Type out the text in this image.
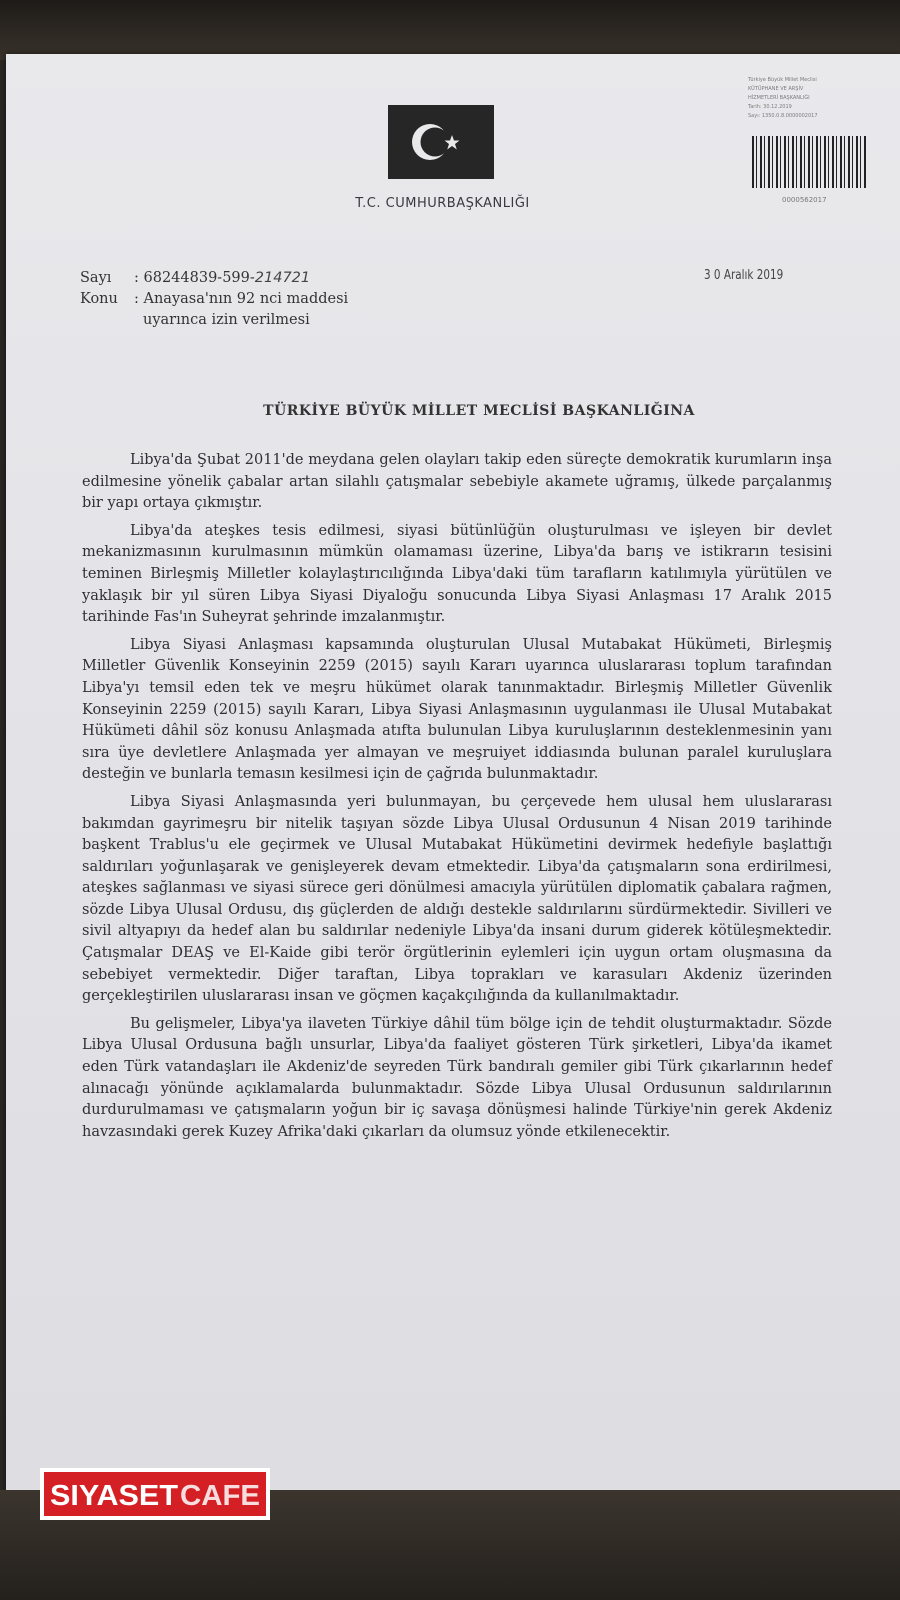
T.C. CUMHURBAŞKANLIĞI
Türkiye Büyük Millet Meclisi
KÜTÜPHANE VE ARŞİV
HİZMETLERİ BAŞKANLIĞI
Tarih: 30.12.2019
Sayı: 1350.0.8.0000002017
0000562017
Sayı	: 68244839-599- 214721
Konu	: Anayasa'nın 92 nci maddesi
uyarınca izin verilmesi
3 0 Aralık 2019
TÜRKİYE BÜYÜK MİLLET MECLİSİ BAŞKANLIĞINA

Libya'da Şubat 2011'de meydana gelen olayları takip eden süreçte demokratik kurumların inşa edilmesine yönelik çabalar artan silahlı çatışmalar sebebiyle akamete uğramış, ülkede parçalanmış bir yapı ortaya çıkmıştır.

Libya'da ateşkes tesis edilmesi, siyasi bütünlüğün oluşturulması ve işleyen bir devlet mekanizmasının kurulmasının mümkün olamaması üzerine, Libya'da barış ve istikrarın tesisini teminen Birleşmiş Milletler kolaylaştırıcılığında Libya'daki tüm tarafların katılımıyla yürütülen ve yaklaşık bir yıl süren Libya Siyasi Diyaloğu sonucunda Libya Siyasi Anlaşması 17 Aralık 2015 tarihinde Fas'ın Suheyrat şehrinde imzalanmıştır.

Libya Siyasi Anlaşması kapsamında oluşturulan Ulusal Mutabakat Hükümeti, Birleşmiş Milletler Güvenlik Konseyinin 2259 (2015) sayılı Kararı uyarınca uluslararası toplum tarafından Libya'yı temsil eden tek ve meşru hükümet olarak tanınmaktadır. Birleşmiş Milletler Güvenlik Konseyinin 2259 (2015) sayılı Kararı, Libya Siyasi Anlaşmasının uygulanması ile Ulusal Mutabakat Hükümeti dâhil söz konusu Anlaşmada atıfta bulunulan Libya kuruluşlarının desteklenmesinin yanı sıra üye devletlere Anlaşmada yer almayan ve meşruiyet iddiasında bulunan paralel kuruluşlara desteğin ve bunlarla temasın kesilmesi için de çağrıda bulunmaktadır.

Libya Siyasi Anlaşmasında yeri bulunmayan, bu çerçevede hem ulusal hem uluslararası bakımdan gayrimeşru bir nitelik taşıyan sözde Libya Ulusal Ordusunun 4 Nisan 2019 tarihinde başkent Trablus'u ele geçirmek ve Ulusal Mutabakat Hükümetini devirmek hedefiyle başlattığı saldırıları yoğunlaşarak ve genişleyerek devam etmektedir. Libya'da çatışmaların sona erdirilmesi, ateşkes sağlanması ve siyasi sürece geri dönülmesi amacıyla yürütülen diplomatik çabalara rağmen, sözde Libya Ulusal Ordusu, dış güçlerden de aldığı destekle saldırılarını sürdürmektedir. Sivilleri ve sivil altyapıyı da hedef alan bu saldırılar nedeniyle Libya'da insani durum giderek kötüleşmektedir. Çatışmalar DEAŞ ve El-Kaide gibi terör örgütlerinin eylemleri için uygun ortam oluşmasına da sebebiyet vermektedir. Diğer taraftan, Libya toprakları ve karasuları Akdeniz üzerinden gerçekleştirilen uluslararası insan ve göçmen kaçakçılığında da kullanılmaktadır.

Bu gelişmeler, Libya'ya ilaveten Türkiye dâhil tüm bölge için de tehdit oluşturmaktadır. Sözde Libya Ulusal Ordusuna bağlı unsurlar, Libya'da faaliyet gösteren Türk şirketleri, Libya'da ikamet eden Türk vatandaşları ile Akdeniz'de seyreden Türk bandıralı gemiler gibi Türk çıkarlarının hedef alınacağı yönünde açıklamalarda bulunmaktadır. Sözde Libya Ulusal Ordusunun saldırılarının durdurulmaması ve çatışmaların yoğun bir iç savaşa dönüşmesi halinde Türkiye'nin gerek Akdeniz havzasındaki gerek Kuzey Afrika'daki çıkarları da olumsuz yönde etkilenecektir.

SIYASET CAFE
